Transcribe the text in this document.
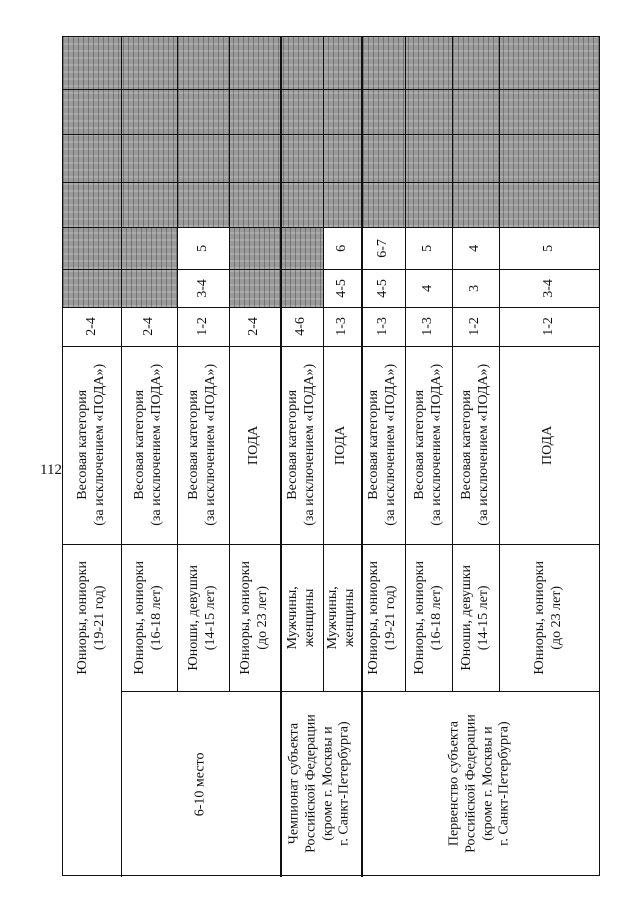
112
2-4
Весовая категория (за исключением «ПОДА»)
Юниоры, юниорки (19-21 год)
2-4
Весовая категория (за исключением «ПОДА»)
Юниоры, юниорки (16-18 лет)
1-2
3-4
5
Весовая категория (за исключением «ПОДА»)
Юноши, девушки (14-15 лет)
2-4
ПОДА
Юниоры, юниорки (до 23 лет)
6-10 место
4-6
Весовая категория (за исключением «ПОДА»)
Мужчины, женщины
1-3
4-5
6
ПОДА
Мужчины, женщины
Чемпионат субъекта Российской Федерации (кроме г. Москвы и г. Санкт-Петербурга)
1-3
4-5
6-7
Весовая категория (за исключением «ПОДА»)
Юниоры, юниорки (19-21 год)
1-3
4
5
Весовая категория (за исключением «ПОДА»)
Юниоры, юниорки (16-18 лет)
1-2
3
4
Весовая категория (за исключением «ПОДА»)
Юноши, девушки (14-15 лет)
1-2
3-4
5
ПОДА
Юниоры, юниорки (до 23 лет)
Первенство субъекта Российской Федерации (кроме г. Москвы и г. Санкт-Петербурга)
